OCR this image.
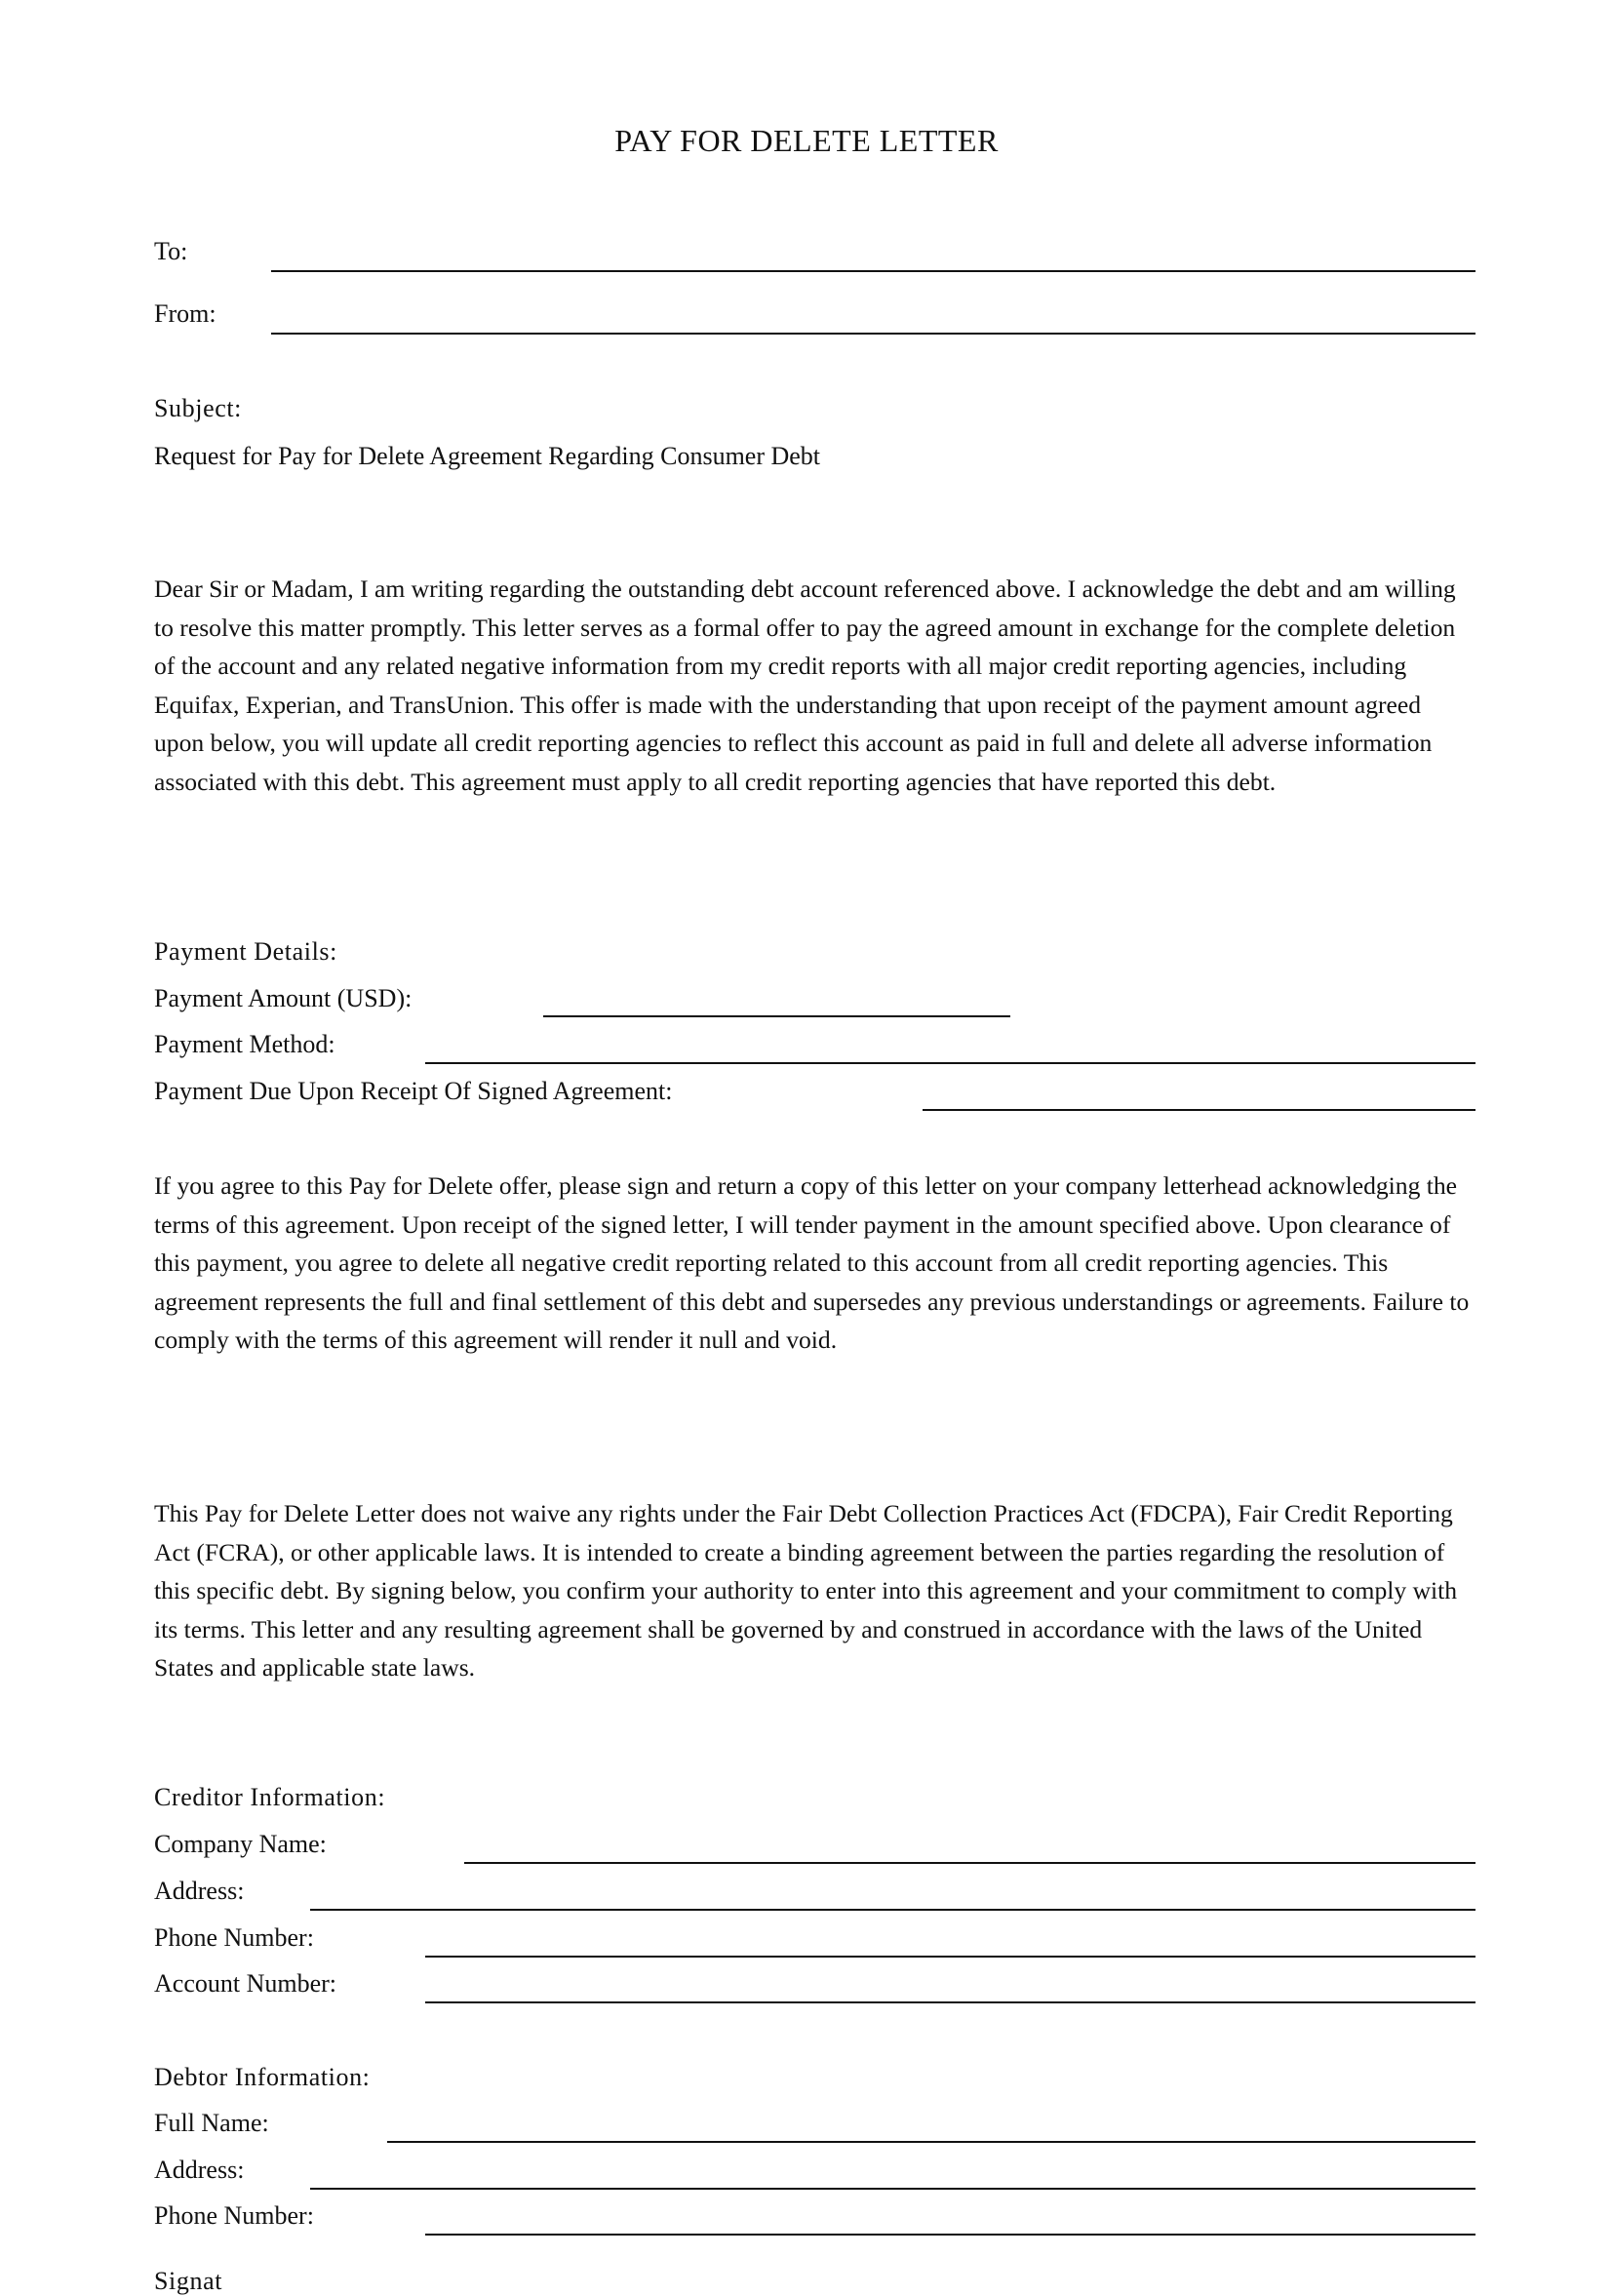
PAY FOR DELETE LETTER
To:
From:
Subject:
Request for Pay for Delete Agreement Regarding Consumer Debt
Dear Sir or Madam, I am writing regarding the outstanding debt account referenced above. I acknowledge the debt and am willing to resolve this matter promptly. This letter serves as a formal offer to pay the agreed amount in exchange for the complete deletion of the account and any related negative information from my credit reports with all major credit reporting agencies, including Equifax, Experian, and TransUnion. This offer is made with the understanding that upon receipt of the payment amount agreed upon below, you will update all credit reporting agencies to reflect this account as paid in full and delete all adverse information associated with this debt. This agreement must apply to all credit reporting agencies that have reported this debt.
Payment Details:
Payment Amount (USD):
Payment Method:
Payment Due Upon Receipt Of Signed Agreement:
If you agree to this Pay for Delete offer, please sign and return a copy of this letter on your company letterhead acknowledging the terms of this agreement. Upon receipt of the signed letter, I will tender payment in the amount specified above. Upon clearance of this payment, you agree to delete all negative credit reporting related to this account from all credit reporting agencies. This agreement represents the full and final settlement of this debt and supersedes any previous understandings or agreements. Failure to comply with the terms of this agreement will render it null and void.
This Pay for Delete Letter does not waive any rights under the Fair Debt Collection Practices Act (FDCPA), Fair Credit Reporting Act (FCRA), or other applicable laws. It is intended to create a binding agreement between the parties regarding the resolution of this specific debt. By signing below, you confirm your authority to enter into this agreement and your commitment to comply with its terms. This letter and any resulting agreement shall be governed by and construed in accordance with the laws of the United States and applicable state laws.
Creditor Information:
Company Name:
Address:
Phone Number:
Account Number:
Debtor Information:
Full Name:
Address:
Phone Number:
Signat
